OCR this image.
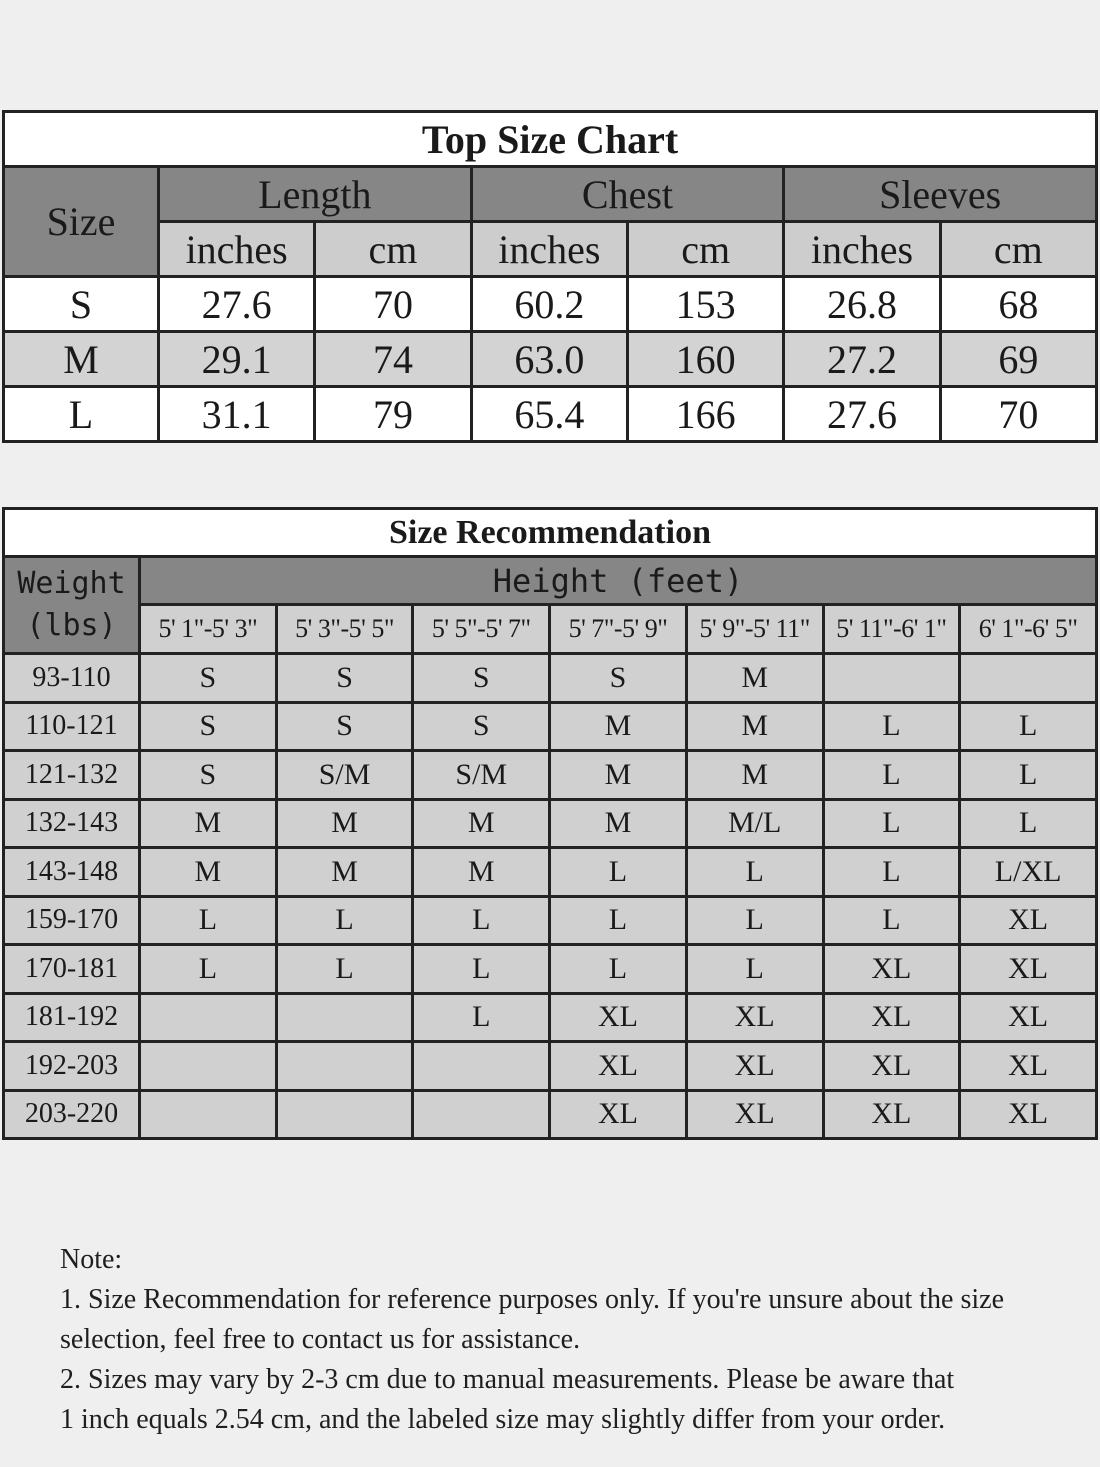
Top Size Chart						
Size	Length		Chest		Sleeves	
	inches	cm	inches	cm	inches	cm
S	27.6	70	60.2	153	26.8	68
M	29.1	74	63.0	160	27.2	69
L	31.1	79	65.4	166	27.6	70
Size Recommendation							
Weight (lbs)	Height (feet)						
	5' 1"-5' 3"	5' 3"-5' 5"	5' 5"-5' 7"	5' 7"-5' 9"	5' 9"-5' 11"	5' 11"-6' 1"	6' 1"-6' 5"
93-110	S	S	S	S	M		
110-121	S	S	S	M	M	L	L
121-132	S	S/M	S/M	M	M	L	L
132-143	M	M	M	M	M/L	L	L
143-148	M	M	M	L	L	L	L/XL
159-170	L	L	L	L	L	L	XL
170-181	L	L	L	L	L	XL	XL
181-192			L	XL	XL	XL	XL
192-203				XL	XL	XL	XL
203-220				XL	XL	XL	XL
Note:
1. Size Recommendation for reference purposes only. If you're unsure about the size
selection, feel free to contact us for assistance.
2. Sizes may vary by 2-3 cm due to manual measurements. Please be aware that
1 inch equals 2.54 cm, and the labeled size may slightly differ from your order.
